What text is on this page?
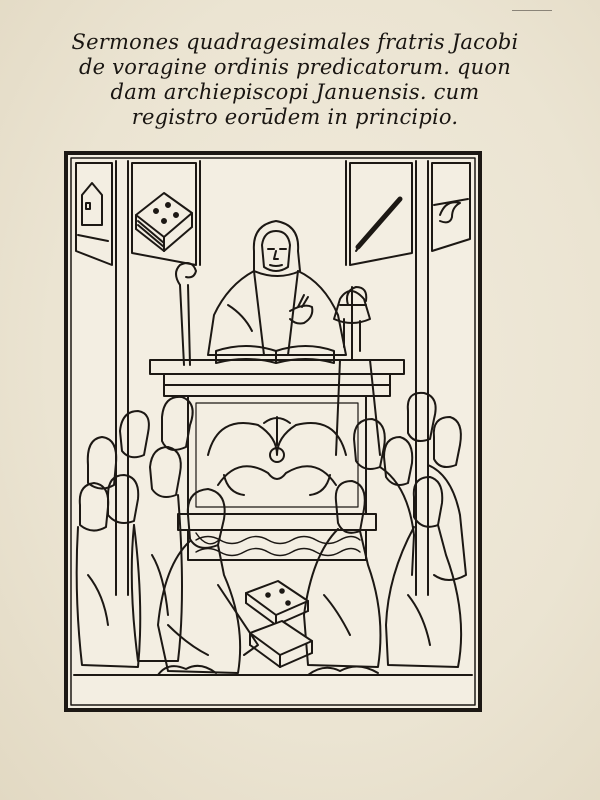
Sermones quadragesimales fratris Jacobi
de voragine ordinis predicatorum. quon
dam archiepiscopi Januensis. cum
registro eorūdem in principio.
